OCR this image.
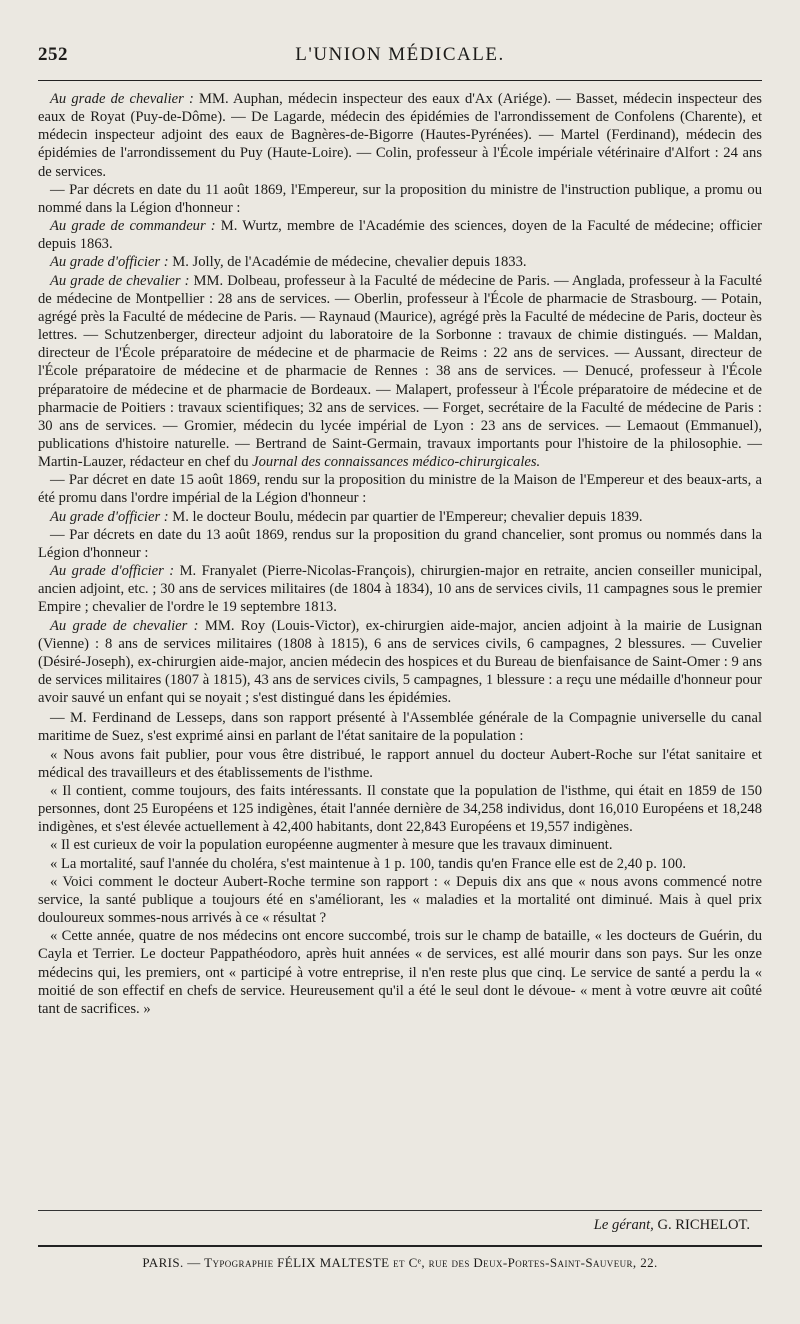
252	L'UNION MÉDICALE.

Au grade de chevalier : MM. Auphan, médecin inspecteur des eaux d'Ax (Ariége). — Basset, médecin inspecteur des eaux de Royat (Puy-de-Dôme). — De Lagarde, médecin des épidémies de l'arrondissement de Confolens (Charente), et médecin inspecteur adjoint des eaux de Bagnères-de-Bigorre (Hautes-Pyrénées). — Martel (Ferdinand), médecin des épidémies de l'arrondissement du Puy (Haute-Loire). — Colin, professeur à l'École impériale vétérinaire d'Alfort : 24 ans de services.

— Par décrets en date du 11 août 1869, l'Empereur, sur la proposition du ministre de l'instruction publique, a promu ou nommé dans la Légion d'honneur :

Au grade de commandeur : M. Wurtz, membre de l'Académie des sciences, doyen de la Faculté de médecine; officier depuis 1863.

Au grade d'officier : M. Jolly, de l'Académie de médecine, chevalier depuis 1833.

Au grade de chevalier : MM. Dolbeau, professeur à la Faculté de médecine de Paris. — Anglada, professeur à la Faculté de médecine de Montpellier : 28 ans de services. — Oberlin, professeur à l'École de pharmacie de Strasbourg. — Potain, agrégé près la Faculté de médecine de Paris. — Raynaud (Maurice), agrégé près la Faculté de médecine de Paris, docteur ès lettres. — Schutzenberger, directeur adjoint du laboratoire de la Sorbonne : travaux de chimie distingués. — Maldan, directeur de l'École préparatoire de médecine et de pharmacie de Reims : 22 ans de services. — Aussant, directeur de l'École préparatoire de médecine et de pharmacie de Rennes : 38 ans de services. — Denucé, professeur à l'École préparatoire de médecine et de pharmacie de Bordeaux. — Malapert, professeur à l'École préparatoire de médecine et de pharmacie de Poitiers : travaux scientifiques; 32 ans de services. — Forget, secrétaire de la Faculté de médecine de Paris : 30 ans de services. — Gromier, médecin du lycée impérial de Lyon : 23 ans de services. — Lemaout (Emmanuel), publications d'histoire naturelle. — Bertrand de Saint-Germain, travaux importants pour l'histoire de la philosophie. — Martin-Lauzer, rédacteur en chef du Journal des connaissances médico-chirurgicales.

— Par décret en date 15 août 1869, rendu sur la proposition du ministre de la Maison de l'Empereur et des beaux-arts, a été promu dans l'ordre impérial de la Légion d'honneur :

Au grade d'officier : M. le docteur Boulu, médecin par quartier de l'Empereur; chevalier depuis 1839.

— Par décrets en date du 13 août 1869, rendus sur la proposition du grand chancelier, sont promus ou nommés dans la Légion d'honneur :

Au grade d'officier : M. Franyalet (Pierre-Nicolas-François), chirurgien-major en retraite, ancien conseiller municipal, ancien adjoint, etc. ; 30 ans de services militaires (de 1804 à 1834), 10 ans de services civils, 11 campagnes sous le premier Empire ; chevalier de l'ordre le 19 septembre 1813.

Au grade de chevalier : MM. Roy (Louis-Victor), ex-chirurgien aide-major, ancien adjoint à la mairie de Lusignan (Vienne) : 8 ans de services militaires (1808 à 1815), 6 ans de services civils, 6 campagnes, 2 blessures. — Cuvelier (Désiré-Joseph), ex-chirurgien aide-major, ancien médecin des hospices et du Bureau de bienfaisance de Saint-Omer : 9 ans de services militaires (1807 à 1815), 43 ans de services civils, 5 campagnes, 1 blessure : a reçu une médaille d'honneur pour avoir sauvé un enfant qui se noyait ; s'est distingué dans les épidémies.

— M. Ferdinand de Lesseps, dans son rapport présenté à l'Assemblée générale de la Compagnie universelle du canal maritime de Suez, s'est exprimé ainsi en parlant de l'état sanitaire de la population :

« Nous avons fait publier, pour vous être distribué, le rapport annuel du docteur Aubert-Roche sur l'état sanitaire et médical des travailleurs et des établissements de l'isthme.

« Il contient, comme toujours, des faits intéressants. Il constate que la population de l'isthme, qui était en 1859 de 150 personnes, dont 25 Européens et 125 indigènes, était l'année dernière de 34,258 individus, dont 16,010 Européens et 18,248 indigènes, et s'est élevée actuellement à 42,400 habitants, dont 22,843 Européens et 19,557 indigènes.

« Il est curieux de voir la population européenne augmenter à mesure que les travaux diminuent.

« La mortalité, sauf l'année du choléra, s'est maintenue à 1 p. 100, tandis qu'en France elle est de 2,40 p. 100.

« Voici comment le docteur Aubert-Roche termine son rapport : « Depuis dix ans que « nous avons commencé notre service, la santé publique a toujours été en s'améliorant, les « maladies et la mortalité ont diminué. Mais à quel prix douloureux sommes-nous arrivés à ce « résultat ?

« Cette année, quatre de nos médecins ont encore succombé, trois sur le champ de bataille, « les docteurs de Guérin, du Cayla et Terrier. Le docteur Pappathéodoro, après huit années « de services, est allé mourir dans son pays. Sur les onze médecins qui, les premiers, ont « participé à votre entreprise, il n'en reste plus que cinq. Le service de santé a perdu la « moitié de son effectif en chefs de service. Heureusement qu'il a été le seul dont le dévoue- « ment à votre œuvre ait coûté tant de sacrifices. »

Le gérant, G. RICHELOT.
PARIS. — Typographie FÉLIX MALTESTE et Cᵉ, rue des Deux-Portes-Saint-Sauveur, 22.
